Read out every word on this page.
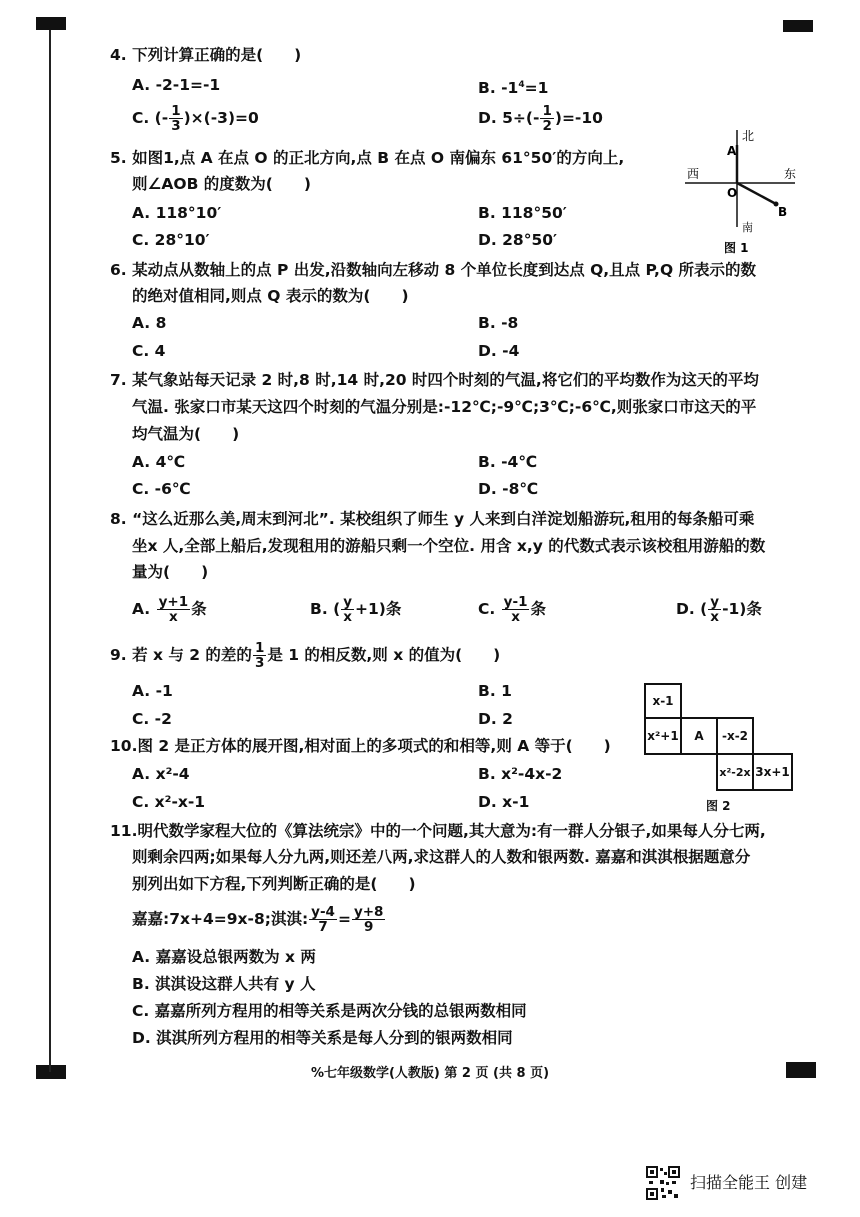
4. 下列计算正确的是(　　)
A. -2-1=-1	B. $-1^4=1$
C. (- $\frac{1}{3} )\times(-3)=0$	D. $5\div(- \frac{1}{2} )=-10$
5. 如图1,点 A 在点 O 的正北方向,点 B 在点 O 南偏东 61°50′的方向上,
则∠AOB 的度数为(　　)
A. 118°10′	B. 118°50′
C. 28°10′	D. 28°50′
北
A
西	东
O
B
南
图 1
6. 某动点从数轴上的点 P 出发,沿数轴向左移动 8 个单位长度到达点 Q,且点 P,Q 所表示的数
的绝对值相同,则点 Q 表示的数为(　　)
A. 8	B. -8
C. 4	D. -4
7. 某气象站每天记录 2 时,8 时,14 时,20 时四个时刻的气温,将它们的平均数作为这天的平均
气温. 张家口市某天这四个时刻的气温分别是:-12℃;-9℃;3℃;-6℃,则张家口市这天的平
均气温为(　　)
A. 4℃	B. -4℃
C. -6℃	D. -8℃
8. “这么近那么美,周末到河北”. 某校组织了师生 y 人来到白洋淀划船游玩,租用的每条船可乘
坐x 人,全部上船后,发现租用的游船只剩一个空位. 用含 x,y 的代数式表示该校租用游船的数
量为(　　)
A. $\frac{y+1}{x}$ 条	B. ( $\frac{y}{x} +1$)条	C. $\frac{y-1}{x}$ 条	D. ( $\frac{y}{x} -1$)条
9. 若 x 与 2 的差的 $\frac{1}{3}$ 是 1 的相反数,则 x 的值为(　　)
A. -1	B. 1
C. -2	D. 2
10.图 2 是正方体的展开图,相对面上的多项式的和相等,则 A 等于(　　)
A. x²-4	B. x²-4x-2
C. x²-x-1	D. x-1
x-1
x²+1	A	-x-2
x²-2x 3x+1
图 2
11.明代数学家程大位的《算法统宗》中的一个问题,其大意为:有一群人分银子,如果每人分七两,
则剩余四两;如果每人分九两,则还差八两,求这群人的人数和银两数. 嘉嘉和淇淇根据题意分
别列出如下方程,下列判断正确的是(　　)
嘉嘉:7x+4=9x-8;淇淇: $\frac{y-4}{7} = \frac{y+8}{9}$
A. 嘉嘉设总银两数为 x 两
B. 淇淇设这群人共有 y 人
C. 嘉嘉所列方程用的相等关系是两次分钱的总银两数相同
D. 淇淇所列方程用的相等关系是每人分到的银两数相同
%七年级数学(人教版) 第 2 页 (共 8 页)
扫描全能王 创建
